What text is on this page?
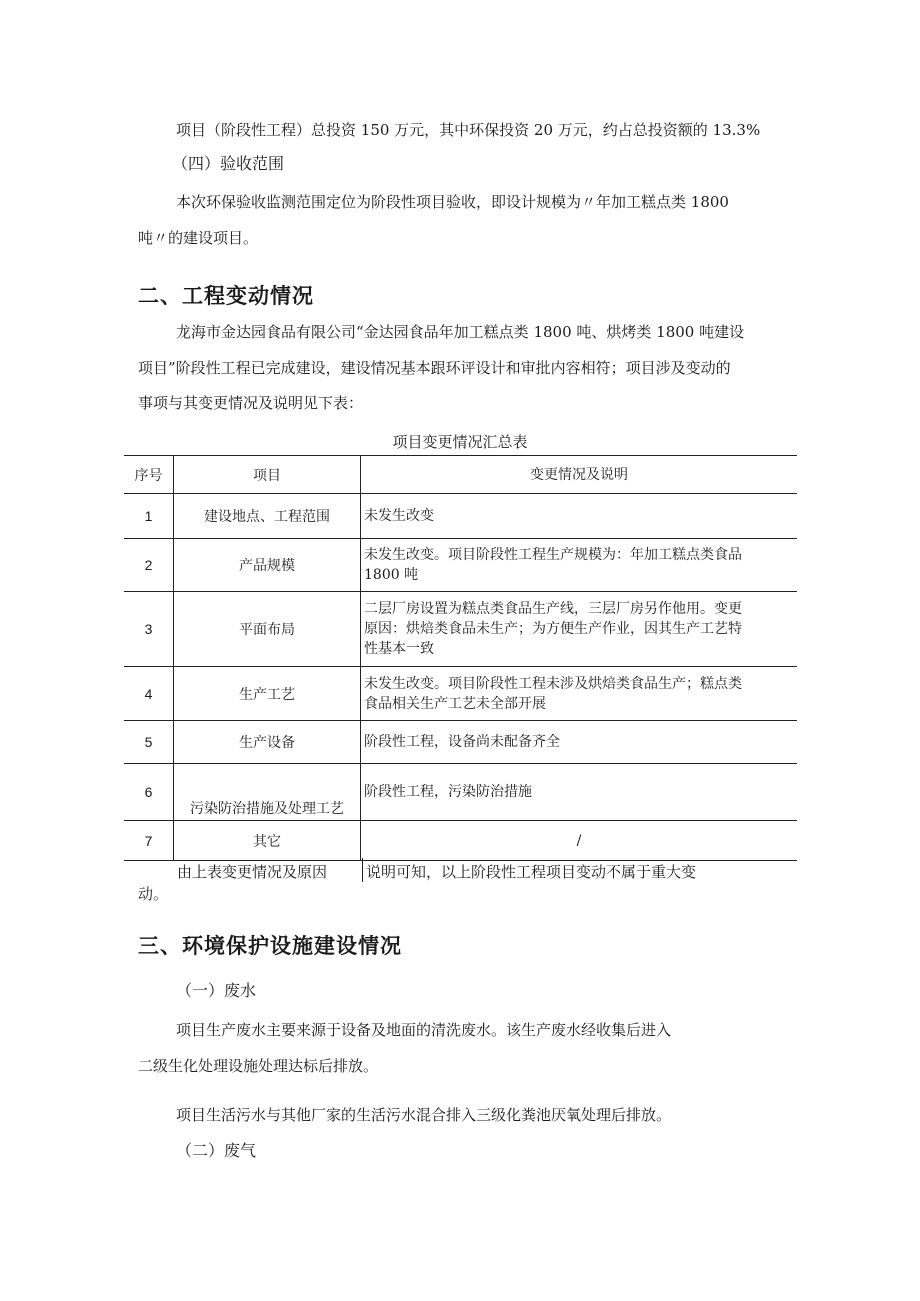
项目（阶段性工程）总投资 150 万元，其中环保投资 20 万元，约占总投资额的 13.3%

（四）验收范围

本次环保验收监测范围定位为阶段性项目验收，即设计规模为〃年加工糕点类 1800

吨〃的建设项目。

二、工程变动情况

龙海市金达园食品有限公司“金达园食品年加工糕点类 1800 吨、烘烤类 1800 吨建设

项目”阶段性工程已完成建设，建设情况基本跟环评设计和审批内容相符；项目涉及变动的

事项与其变更情况及说明见下表：

项目变更情况汇总表
序号	项目	变更情况及说明
1	建设地点、工程范围	未发生改变
2	产品规模	未发生改变。项目阶段性工程生产规模为：年加工糕点类食品
1800 吨
3	平面布局	二层厂房设置为糕点类食品生产线，三层厂房另作他用。变更
原因：烘焙类食品未生产；为方便生产作业，因其生产工艺特
性基本一致
4	生产工艺	未发生改变。项目阶段性工程未涉及烘焙类食品生产；糕点类
食品相关生产工艺未全部开展
5	生产设备	阶段性工程，设备尚未配备齐全
6	污染防治措施及处理工艺	阶段性工程，污染防治措施
7	其它	/

由上表变更情况及原因	说明可知，以上阶段性工程项目变动不属于重大变

动。

三、环境保护设施建设情况

（一）废水

项目生产废水主要来源于设备及地面的清洗废水。该生产废水经收集后进入

二级生化处理设施处理达标后排放。

项目生活污水与其他厂家的生活污水混合排入三级化粪池厌氧处理后排放。

（二）废气
